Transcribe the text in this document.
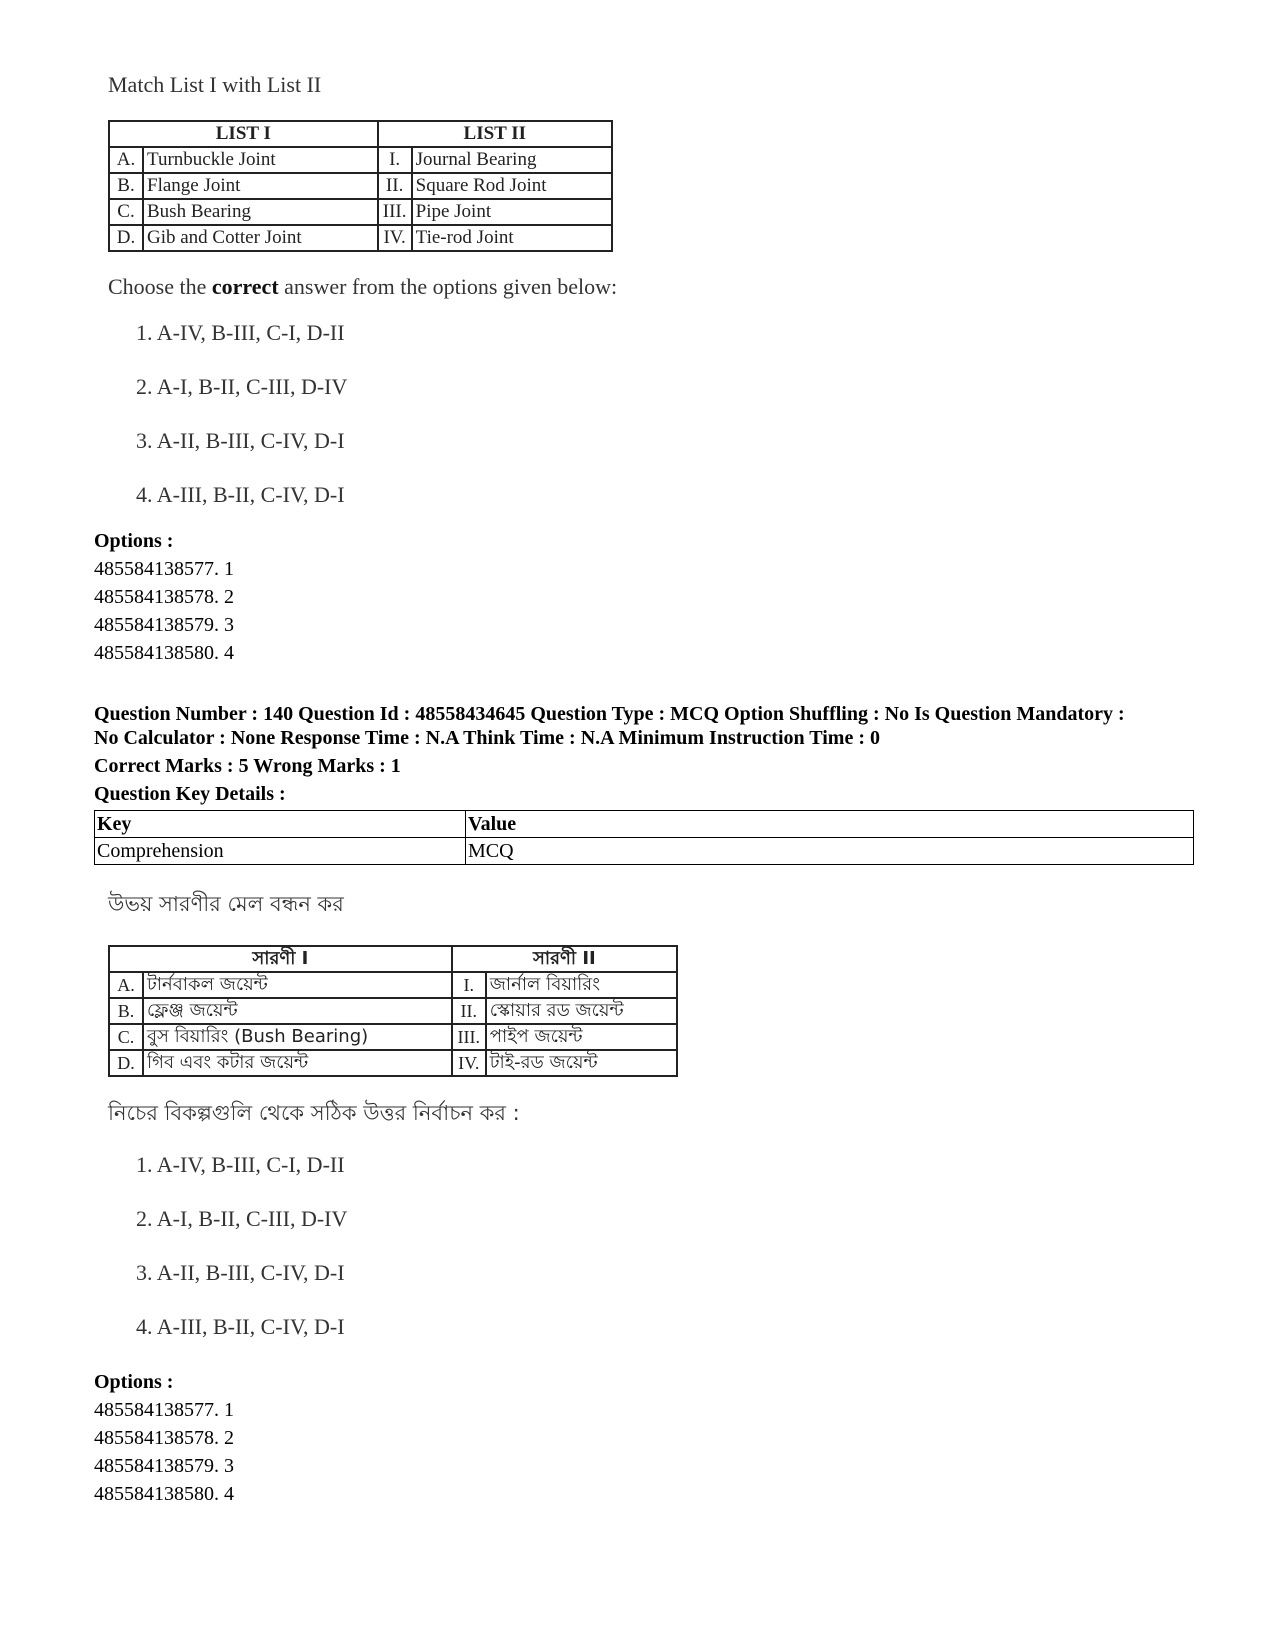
Match List I with List II

LIST I		LIST II	
A.	Turnbuckle Joint	I.	Journal Bearing
B.	Flange Joint	II.	Square Rod Joint
C.	Bush Bearing	III.	Pipe Joint
D.	Gib and Cotter Joint	IV.	Tie-rod Joint

Choose the correct answer from the options given below:

1. A-IV, B-III, C-I, D-II
2. A-I, B-II, C-III, D-IV
3. A-II, B-III, C-IV, D-I
4. A-III, B-II, C-IV, D-I
Options :
485584138577. 1
485584138578. 2
485584138579. 3
485584138580. 4
Question Number : 140 Question Id : 48558434645 Question Type : MCQ Option Shuffling : No Is Question Mandatory :
No Calculator : None Response Time : N.A Think Time : N.A Minimum Instruction Time : 0
Correct Marks : 5 Wrong Marks : 1
Question Key Details :
Key	Value
Comprehension	MCQ

উভয় সারণীর মেল বন্ধন কর

সারণী I		সারণী II	
A.	টার্নবাকল জয়েন্ট	I.	জার্নাল বিয়ারিং
B.	ফ্লেঞ্জ জয়েন্ট	II.	স্কোয়ার রড জয়েন্ট
C.	বুস বিয়ারিং (Bush Bearing)	III.	পাইপ জয়েন্ট
D.	গিব এবং কটার জয়েন্ট	IV.	টাই-রড জয়েন্ট

নিচের বিকল্পগুলি থেকে সঠিক উত্তর নির্বাচন কর :

1. A-IV, B-III, C-I, D-II
2. A-I, B-II, C-III, D-IV
3. A-II, B-III, C-IV, D-I
4. A-III, B-II, C-IV, D-I
Options :
485584138577. 1
485584138578. 2
485584138579. 3
485584138580. 4
